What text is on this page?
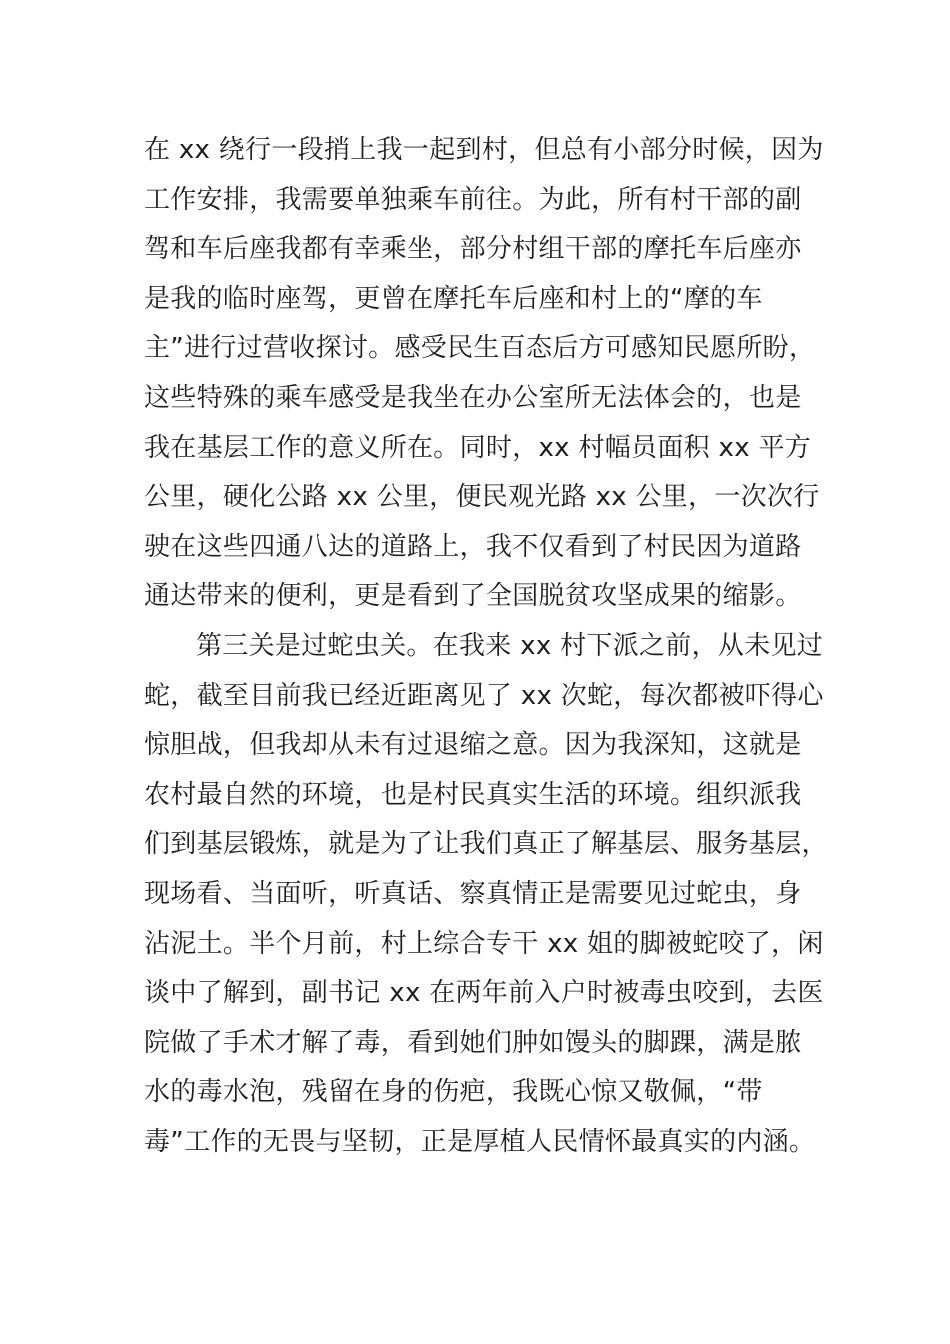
在 xx 绕行一段捎上我一起到村，但总有小部分时候，因为
工作安排，我需要单独乘车前往。为此，所有村干部的副
驾和车后座我都有幸乘坐，部分村组干部的摩托车后座亦
是我的临时座驾，更曾在摩托车后座和村上的“摩的车
主”进行过营收探讨。感受民生百态后方可感知民愿所盼，
这些特殊的乘车感受是我坐在办公室所无法体会的，也是
我在基层工作的意义所在。同时，xx 村幅员面积 xx 平方
公里，硬化公路 xx 公里，便民观光路 xx 公里，一次次行
驶在这些四通八达的道路上，我不仅看到了村民因为道路
通达带来的便利，更是看到了全国脱贫攻坚成果的缩影。
第三关是过蛇虫关。在我来 xx 村下派之前，从未见过
蛇，截至目前我已经近距离见了 xx 次蛇，每次都被吓得心
惊胆战，但我却从未有过退缩之意。因为我深知，这就是
农村最自然的环境，也是村民真实生活的环境。组织派我
们到基层锻炼，就是为了让我们真正了解基层、服务基层，
现场看、当面听，听真话、察真情正是需要见过蛇虫，身
沾泥土。半个月前，村上综合专干 xx 姐的脚被蛇咬了，闲
谈中了解到，副书记 xx 在两年前入户时被毒虫咬到，去医
院做了手术才解了毒，看到她们肿如馒头的脚踝，满是脓
水的毒水泡，残留在身的伤疤，我既心惊又敬佩，“带
毒”工作的无畏与坚韧，正是厚植人民情怀最真实的内涵。
